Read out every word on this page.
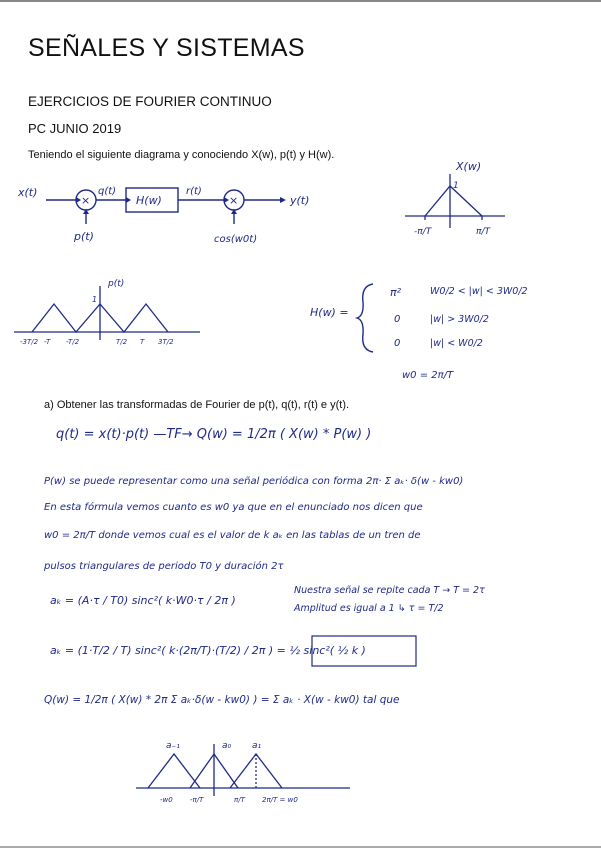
SEÑALES Y SISTEMAS
EJERCICIOS DE FOURIER CONTINUO
PC JUNIO 2019
Teniendo el siguiente diagrama y conociendo X(w), p(t) y H(w).
x(t)
×
q(t)
H(w)
r(t)
×	y(t)
p(t)	cos(w0t)
X(w)
1
-π/T	π/T
p(t)
1
-3T/2 -T -T/2	T/2 T 3T/2
H(w) =
π²	W0/2 < |w| < 3W0/2
0	|w| > 3W0/2
0	|w| < W0/2
w0 = 2π/T
a) Obtener las transformadas de Fourier de p(t), q(t), r(t) e y(t).
q(t) = x(t)·p(t) —TF→ Q(w) = 1/2π ( X(w) * P(w) )
P(w) se puede representar como una señal periódica con forma 2π· Σ aₖ· δ(w - kw0)
En esta fórmula vemos cuanto es w0 ya que en el enunciado nos dicen que
w0 = 2π/T donde vemos cual es el valor de k aₖ en las tablas de un tren de
pulsos triangulares de periodo T0 y duración 2τ
aₖ = (A·τ / T0) sinc²( k·W0·τ / 2π )
Nuestra señal se repite cada T → T = 2τ
Amplitud es igual a 1 ↳ τ = T/2
aₖ = (1·T/2 / T) sinc²( k·(2π/T)·(T/2) / 2π ) = ½ sinc²( ½ k )
Q(w) = 1/2π ( X(w) * 2π Σ aₖ·δ(w - kw0) ) = Σ aₖ · X(w - kw0) tal que
a₋₁	a₀ a₁
-w0 -π/T	π/T 2π/T = w0
